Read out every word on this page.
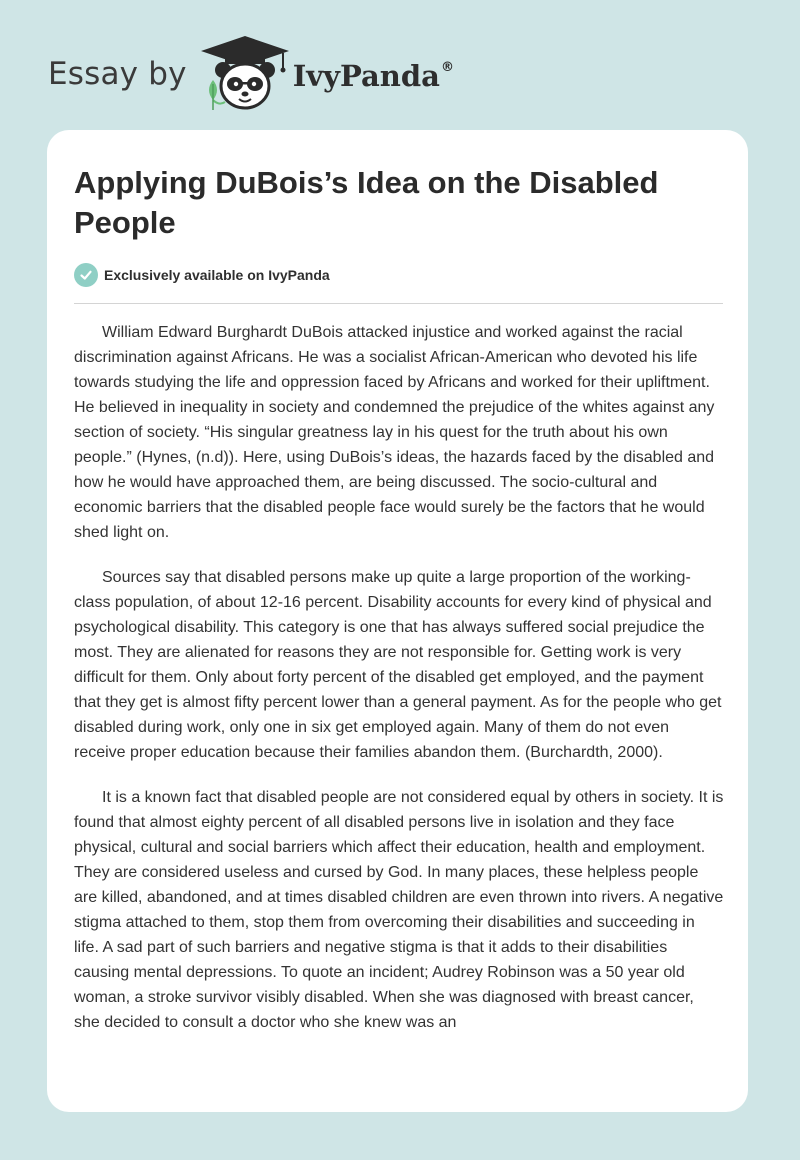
Essay by	IvyPanda®
Applying DuBois’s Idea on the Disabled People
Exclusively available on IvyPanda

William Edward Burghardt DuBois attacked injustice and worked against the racial discrimination against Africans. He was a socialist African-American who devoted his life towards studying the life and oppression faced by Africans and worked for their upliftment. He believed in inequality in society and condemned the prejudice of the whites against any section of society. “His singular greatness lay in his quest for the truth about his own people.” (Hynes, (n.d)). Here, using DuBois’s ideas, the hazards faced by the disabled and how he would have approached them, are being discussed. The socio-cultural and economic barriers that the disabled people face would surely be the factors that he would shed light on.

Sources say that disabled persons make up quite a large proportion of the working-class population, of about 12-16 percent. Disability accounts for every kind of physical and psychological disability. This category is one that has always suffered social prejudice the most. They are alienated for reasons they are not responsible for. Getting work is very difficult for them. Only about forty percent of the disabled get employed, and the payment that they get is almost fifty percent lower than a general payment. As for the people who get disabled during work, only one in six get employed again. Many of them do not even receive proper education because their families abandon them. (Burchardth, 2000).

It is a known fact that disabled people are not considered equal by others in society. It is found that almost eighty percent of all disabled persons live in isolation and they face physical, cultural and social barriers which affect their education, health and employment. They are considered useless and cursed by God. In many places, these helpless people are killed, abandoned, and at times disabled children are even thrown into rivers. A negative stigma attached to them, stop them from overcoming their disabilities and succeeding in life. A sad part of such barriers and negative stigma is that it adds to their disabilities causing mental depressions. To quote an incident; Audrey Robinson was a 50 year old woman, a stroke survivor visibly disabled. When she was diagnosed with breast cancer, she decided to consult a doctor who she knew was an
